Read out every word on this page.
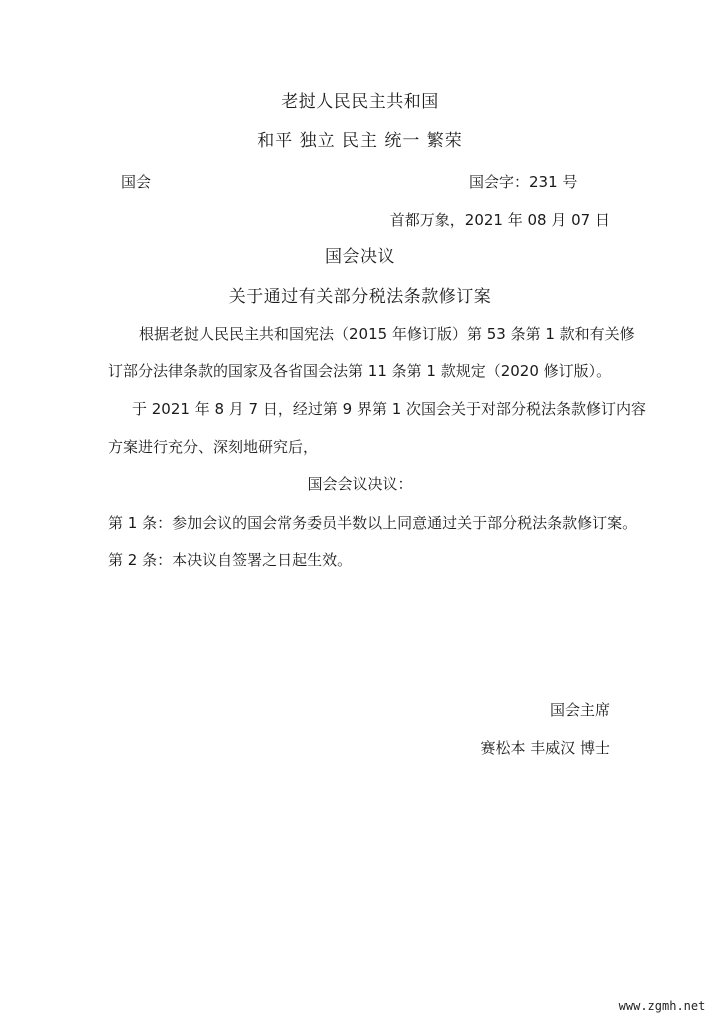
老挝人民民主共和国
和平 独立 民主 统一 繁荣
国会	国会字：231 号
首都万象，2021 年 08 月 07 日
国会决议
关于通过有关部分税法条款修订案
根据老挝人民民主共和国宪法（2015 年修订版）第 53 条第 1 款和有关修
订部分法律条款的国家及各省国会法第 11 条第 1 款规定（2020 修订版）。
于 2021 年 8 月 7 日，经过第 9 界第 1 次国会关于对部分税法条款修订内容
方案进行充分、深刻地研究后，
国会会议决议：
第 1 条：参加会议的国会常务委员半数以上同意通过关于部分税法条款修订案。
第 2 条：本决议自签署之日起生效。
国会主席
赛松本 丰威汉 博士
www.zgmh.net
